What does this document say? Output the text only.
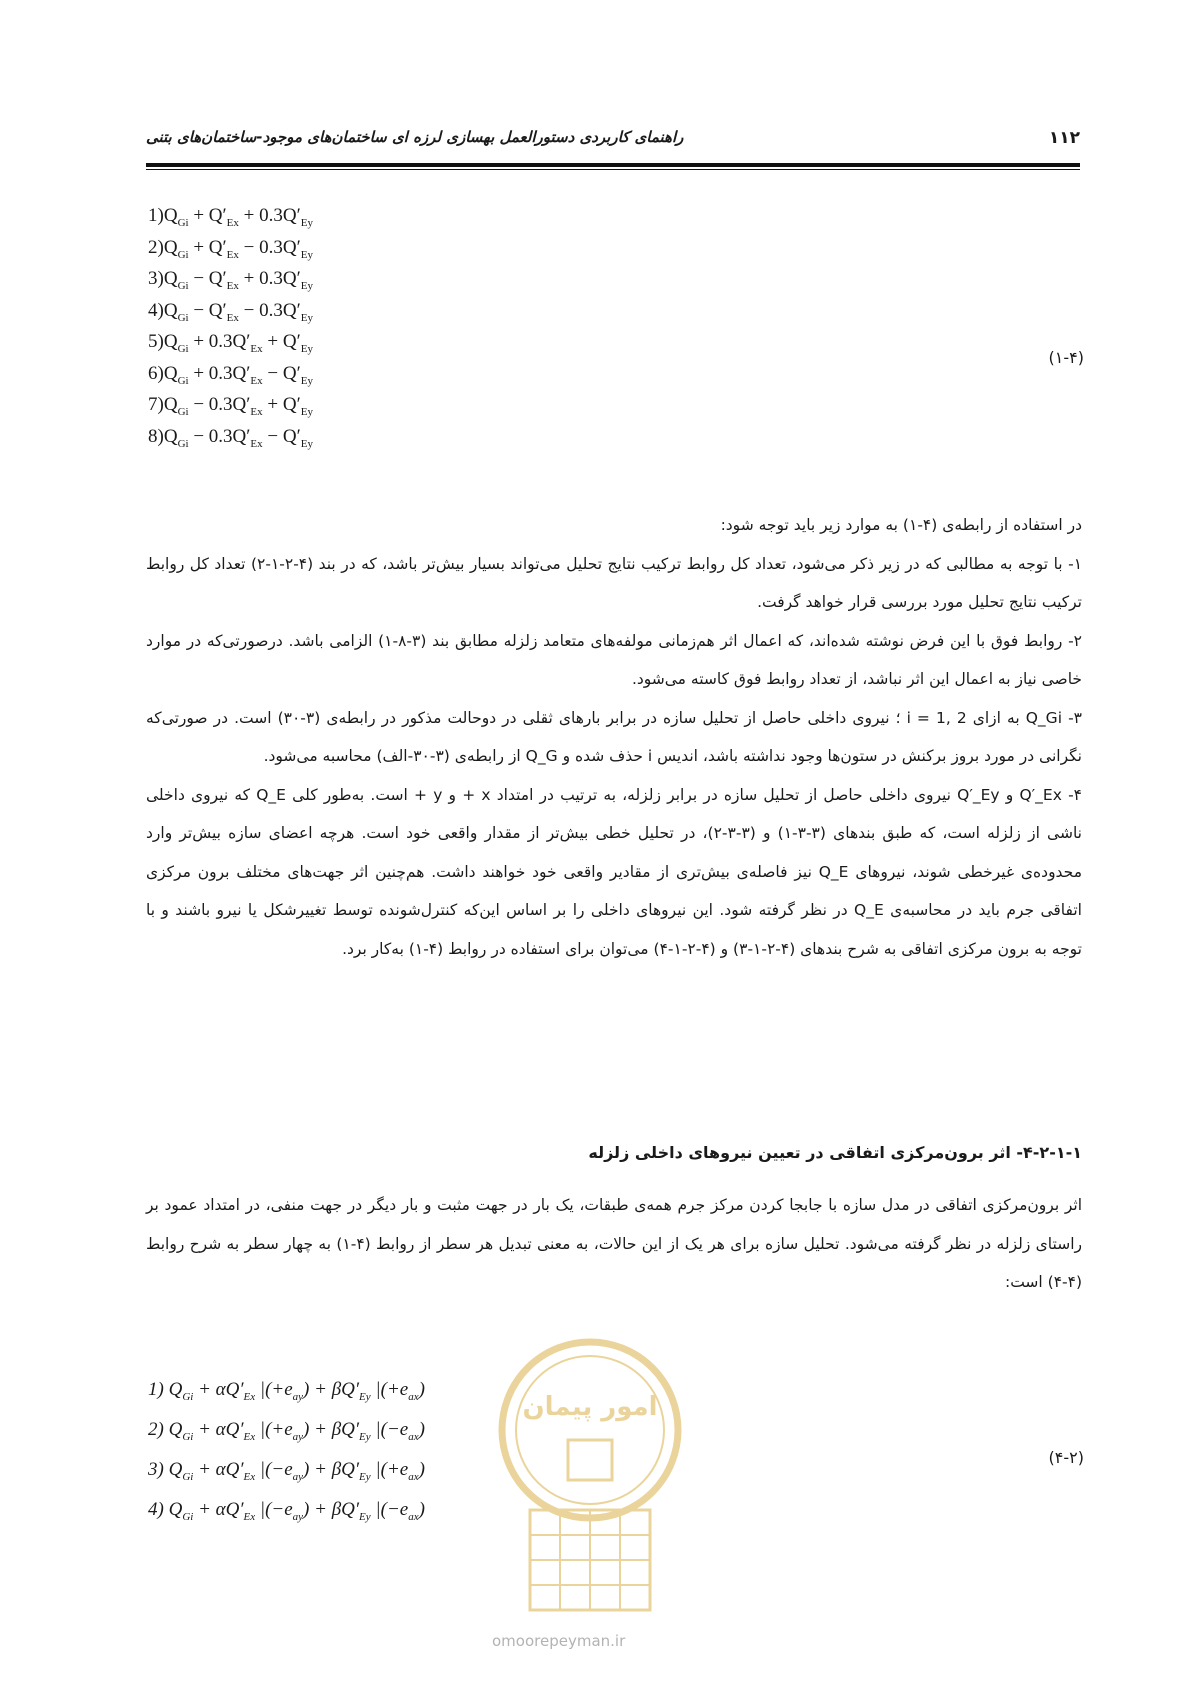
۱۱۲
راهنمای کاربردی دستورالعمل بهسازی لرزه ای ساختمان‌های موجود-ساختمان‌های بتنی
$1)Q_{Gi} + Q'_{Ex} + 0.3Q'_{Ey}$
$2)Q_{Gi} + Q'_{Ex} - 0.3Q'_{Ey}$
$3)Q_{Gi} - Q'_{Ex} + 0.3Q'_{Ey}$
$4)Q_{Gi} - Q'_{Ex} - 0.3Q'_{Ey}$
$5)Q_{Gi} + 0.3Q'_{Ex} + Q'_{Ey}$
$6)Q_{Gi} + 0.3Q'_{Ex} - Q'_{Ey}$
$7)Q_{Gi} - 0.3Q'_{Ex} + Q'_{Ey}$
$8)Q_{Gi} - 0.3Q'_{Ex} - Q'_{Ey}$
(۱-۴)

در استفاده از رابطه‌ی (۴-۱) به موارد زیر باید توجه شود:

۱- با توجه به مطالبی که در زیر ذکر می‌شود، تعداد کل روابط ترکیب نتایج تحلیل می‌تواند بسیار بیش‌تر باشد، که در بند (۴-۲-۱-۲) تعداد کل روابط ترکیب نتایج تحلیل مورد بررسی قرار خواهد گرفت.

۲- روابط فوق با این فرض نوشته شده‌اند، که اعمال اثر هم‌زمانی مولفه‌های متعامد زلزله مطابق بند (۳-۸-۱) الزامی باشد. درصورتی‌که در موارد خاصی نیاز به اعمال این اثر نباشد، از تعداد روابط فوق کاسته می‌شود.

۳- Q_Gi به ازای i = 1, 2 ؛ نیروی داخلی حاصل از تحلیل سازه در برابر بارهای ثقلی در دوحالت مذکور در رابطه‌ی (۳-۳۰) است. در صورتی‌که نگرانی در مورد بروز برکنش در ستون‌ها وجود نداشته باشد، اندیس i حذف شده و Q_G از رابطه‌ی (۳-۳۰-الف) محاسبه می‌شود.

۴- Q′_Ex و Q′_Ey نیروی داخلی حاصل از تحلیل سازه در برابر زلزله، به ترتیب در امتداد x + و y + است. به‌طور کلی Q_E که نیروی داخلی ناشی از زلزله است، که طبق بندهای (۳-۳-۱) و (۳-۳-۲)، در تحلیل خطی بیش‌تر از مقدار واقعی خود است. هرچه اعضای سازه بیش‌تر وارد محدوده‌ی غیرخطی شوند، نیروهای Q_E نیز فاصله‌ی بیش‌تری از مقادیر واقعی خود خواهند داشت. هم‌چنین اثر جهت‌های مختلف برون مرکزی اتفاقی جرم باید در محاسبه‌ی Q_E در نظر گرفته شود. این نیروهای داخلی را بر اساس این‌که کنترل‌شونده توسط تغییرشکل یا نیرو باشند و با توجه به برون مرکزی اتفاقی به شرح بندهای (۴-۲-۱-۳) و (۴-۲-۱-۴) می‌توان برای استفاده در روابط (۴-۱) به‌کار برد.

۴-۲-۱-۱- اثر برون‌مرکزی اتفاقی در تعیین نیروهای داخلی زلزله

اثر برون‌مرکزی اتفاقی در مدل سازه با جابجا کردن مرکز جرم همه‌ی طبقات، یک بار در جهت مثبت و بار دیگر در جهت منفی، در امتداد عمود بر راستای زلزله در نظر گرفته می‌شود. تحلیل سازه برای هر یک از این حالات، به معنی تبدیل هر سطر از روابط (۴-۱) به چهار سطر به شرح روابط (۴-۴) است:

1) $Q_{Gi} + \alpha Q'_{Ex}$ $|(+e_{ay}) + \beta Q'_{Ey}$ $|(+e_{ax})$
2) $Q_{Gi} + \alpha Q'_{Ex}$ $|(+e_{ay}) + \beta Q'_{Ey}$ $|(-e_{ax})$
3) $Q_{Gi} + \alpha Q'_{Ex}$ $|(-e_{ay}) + \beta Q'_{Ey}$ $|(+e_{ax})$
4) $Q_{Gi} + \alpha Q'_{Ex}$ $|(-e_{ay}) + \beta Q'_{Ey}$ $|(-e_{ax})$
(۴-۲)
امور پیمان
omoorepeyman.ir
